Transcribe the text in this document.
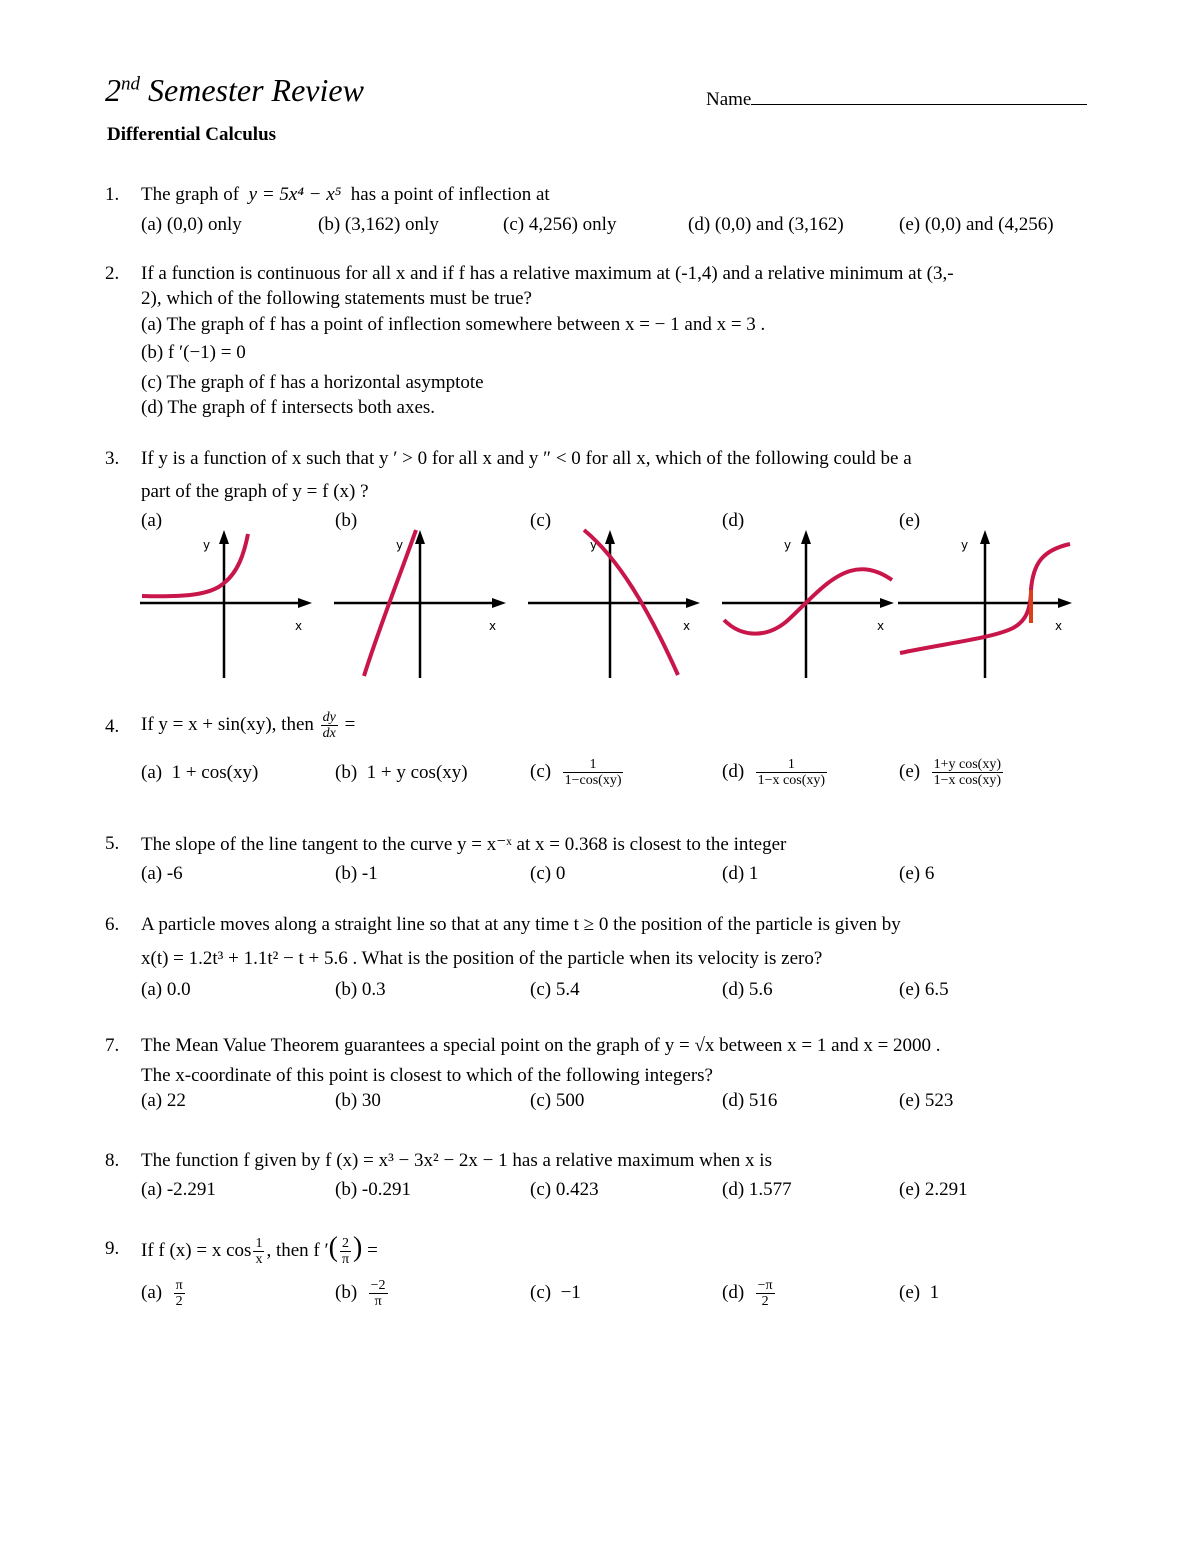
2nd Semester Review	Name
Differential Calculus
1. The graph of y = 5x⁴ − x⁵ has a point of inflection at
(a) (0,0) only	(b) (3,162) only	(c) 4,256) only	(d) (0,0) and (3,162)	(e) (0,0) and (4,256)
2. If a function is continuous for all x and if f has a relative maximum at (-1,4) and a relative minimum at (3,-
2), which of the following statements must be true?
(a) The graph of f has a point of inflection somewhere between x = − 1 and x = 3 .
(b) f ′(−1) = 0
(c) The graph of f has a horizontal asymptote
(d) The graph of f intersects both axes.
3. If y is a function of x such that y ′ > 0 for all x and y ″ < 0 for all x, which of the following could be a
part of the graph of y = f (x) ?
(a)	(b)	(c)	(d)	(e)
y
x
y
x
y
x
y
x
y
x
4. If y = x + sin(xy), then $\frac{dy}{dx}$ =
(a) 1 + cos(xy)	(b) 1 + y cos(xy)	$(c) \frac{1}{1-\cos(xy)}$	$(d) \frac{1}{\text{1−x cos(xy)}}$	$(e) \frac{\text{1+y cos(xy)}}{\text{1−x cos(xy)}}$
5. The slope of the line tangent to the curve y = x⁻ˣ at x = 0.368 is closest to the integer
(a) -6	(b) -1	(c) 0	(d) 1	(e) 6
6. A particle moves along a straight line so that at any time t ≥ 0 the position of the particle is given by
x(t) = 1.2t³ + 1.1t² − t + 5.6 . What is the position of the particle when its velocity is zero?
(a) 0.0	(b) 0.3	(c) 5.4	(d) 5.6	(e) 6.5
7. The Mean Value Theorem guarantees a special point on the graph of y = √x between x = 1 and x = 2000 .
The x-coordinate of this point is closest to which of the following integers?
(a) 22	(b) 30	(c) 500	(d) 516	(e) 523
8. The function f given by f (x) = x³ − 3x² − 2x − 1 has a relative maximum when x is
(a) -2.291	(b) -0.291	(c) 0.423	(d) 1.577	(e) 2.291
9. If f (x) = x $\cos \frac{1}{x}$ , then f ′( $\frac{2}{\pi}$ ) =
$(a) \frac{\pi}{2}$	$(b) \frac{-2}{\pi}$	(c) −1	$(d) \frac{-\pi}{2}$	(e) 1
